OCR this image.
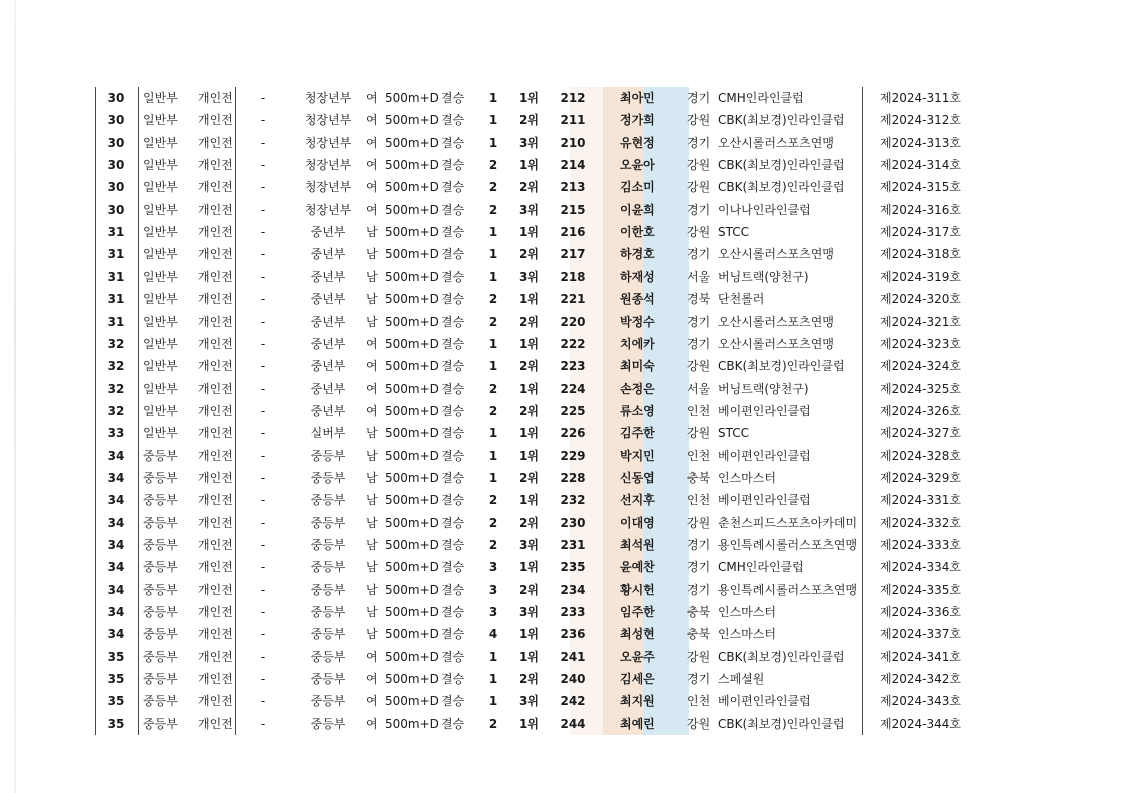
30	일반부	개인전	-	청장년부	여 500m+D 결승	1	1위	212	최아민	경기 CMH인라인클럽	제2024-311호
30	일반부	개인전	-	청장년부	여 500m+D 결승	1	2위	211	정가희	강원 CBK(최보경)인라인클럽	제2024-312호
30	일반부	개인전	-	청장년부	여 500m+D 결승	1	3위	210	유현정	경기 오산시롤러스포츠연맹	제2024-313호
30	일반부	개인전	-	청장년부	여 500m+D 결승	2	1위	214	오윤아	강원 CBK(최보경)인라인클럽	제2024-314호
30	일반부	개인전	-	청장년부	여 500m+D 결승	2	2위	213	김소미	강원 CBK(최보경)인라인클럽	제2024-315호
30	일반부	개인전	-	청장년부	여 500m+D 결승	2	3위	215	이윤희	경기 이나나인라인클럽	제2024-316호
31	일반부	개인전	-	중년부	남 500m+D 결승	1	1위	216	이한호	강원 STCC	제2024-317호
31	일반부	개인전	-	중년부	남 500m+D 결승	1	2위	217	하경호	경기 오산시롤러스포츠연맹	제2024-318호
31	일반부	개인전	-	중년부	남 500m+D 결승	1	3위	218	하재성	서울 버닝트랙(양천구)	제2024-319호
31	일반부	개인전	-	중년부	남 500m+D 결승	2	1위	221	원종석	경북 단천롤러	제2024-320호
31	일반부	개인전	-	중년부	남 500m+D 결승	2	2위	220	박정수	경기 오산시롤러스포츠연맹	제2024-321호
32	일반부	개인전	-	중년부	여 500m+D 결승	1	1위	222	치에카	경기 오산시롤러스포츠연맹	제2024-323호
32	일반부	개인전	-	중년부	여 500m+D 결승	1	2위	223	최미숙	강원 CBK(최보경)인라인클럽	제2024-324호
32	일반부	개인전	-	중년부	여 500m+D 결승	2	1위	224	손정은	서울 버닝트랙(양천구)	제2024-325호
32	일반부	개인전	-	중년부	여 500m+D 결승	2	2위	225	류소영	인천 베이편인라인클럽	제2024-326호
33	일반부	개인전	-	실버부	남 500m+D 결승	1	1위	226	김주한	강원 STCC	제2024-327호
34	중등부	개인전	-	중등부	남 500m+D 결승	1	1위	229	박지민	인천 베이편인라인클럽	제2024-328호
34	중등부	개인전	-	중등부	남 500m+D 결승	1	2위	228	신동엽	충북 인스마스터	제2024-329호
34	중등부	개인전	-	중등부	남 500m+D 결승	2	1위	232	선지후	인천 베이편인라인클럽	제2024-331호
34	중등부	개인전	-	중등부	남 500m+D 결승	2	2위	230	이대영	강원 춘천스피드스포츠아카데미	제2024-332호
34	중등부	개인전	-	중등부	남 500m+D 결승	2	3위	231	최석원	경기 용인특례시롤러스포츠연맹	제2024-333호
34	중등부	개인전	-	중등부	남 500m+D 결승	3	1위	235	윤예찬	경기 CMH인라인클럽	제2024-334호
34	중등부	개인전	-	중등부	남 500m+D 결승	3	2위	234	황시헌	경기 용인특례시롤러스포츠연맹	제2024-335호
34	중등부	개인전	-	중등부	남 500m+D 결승	3	3위	233	임주한	충북 인스마스터	제2024-336호
34	중등부	개인전	-	중등부	남 500m+D 결승	4	1위	236	최성현	충북 인스마스터	제2024-337호
35	중등부	개인전	-	중등부	여 500m+D 결승	1	1위	241	오윤주	강원 CBK(최보경)인라인클럽	제2024-341호
35	중등부	개인전	-	중등부	여 500m+D 결승	1	2위	240	김세은	경기 스페셜원	제2024-342호
35	중등부	개인전	-	중등부	여 500m+D 결승	1	3위	242	최지원	인천 베이편인라인클럽	제2024-343호
35	중등부	개인전	-	중등부	여 500m+D 결승	2	1위	244	최예린	강원 CBK(최보경)인라인클럽	제2024-344호
